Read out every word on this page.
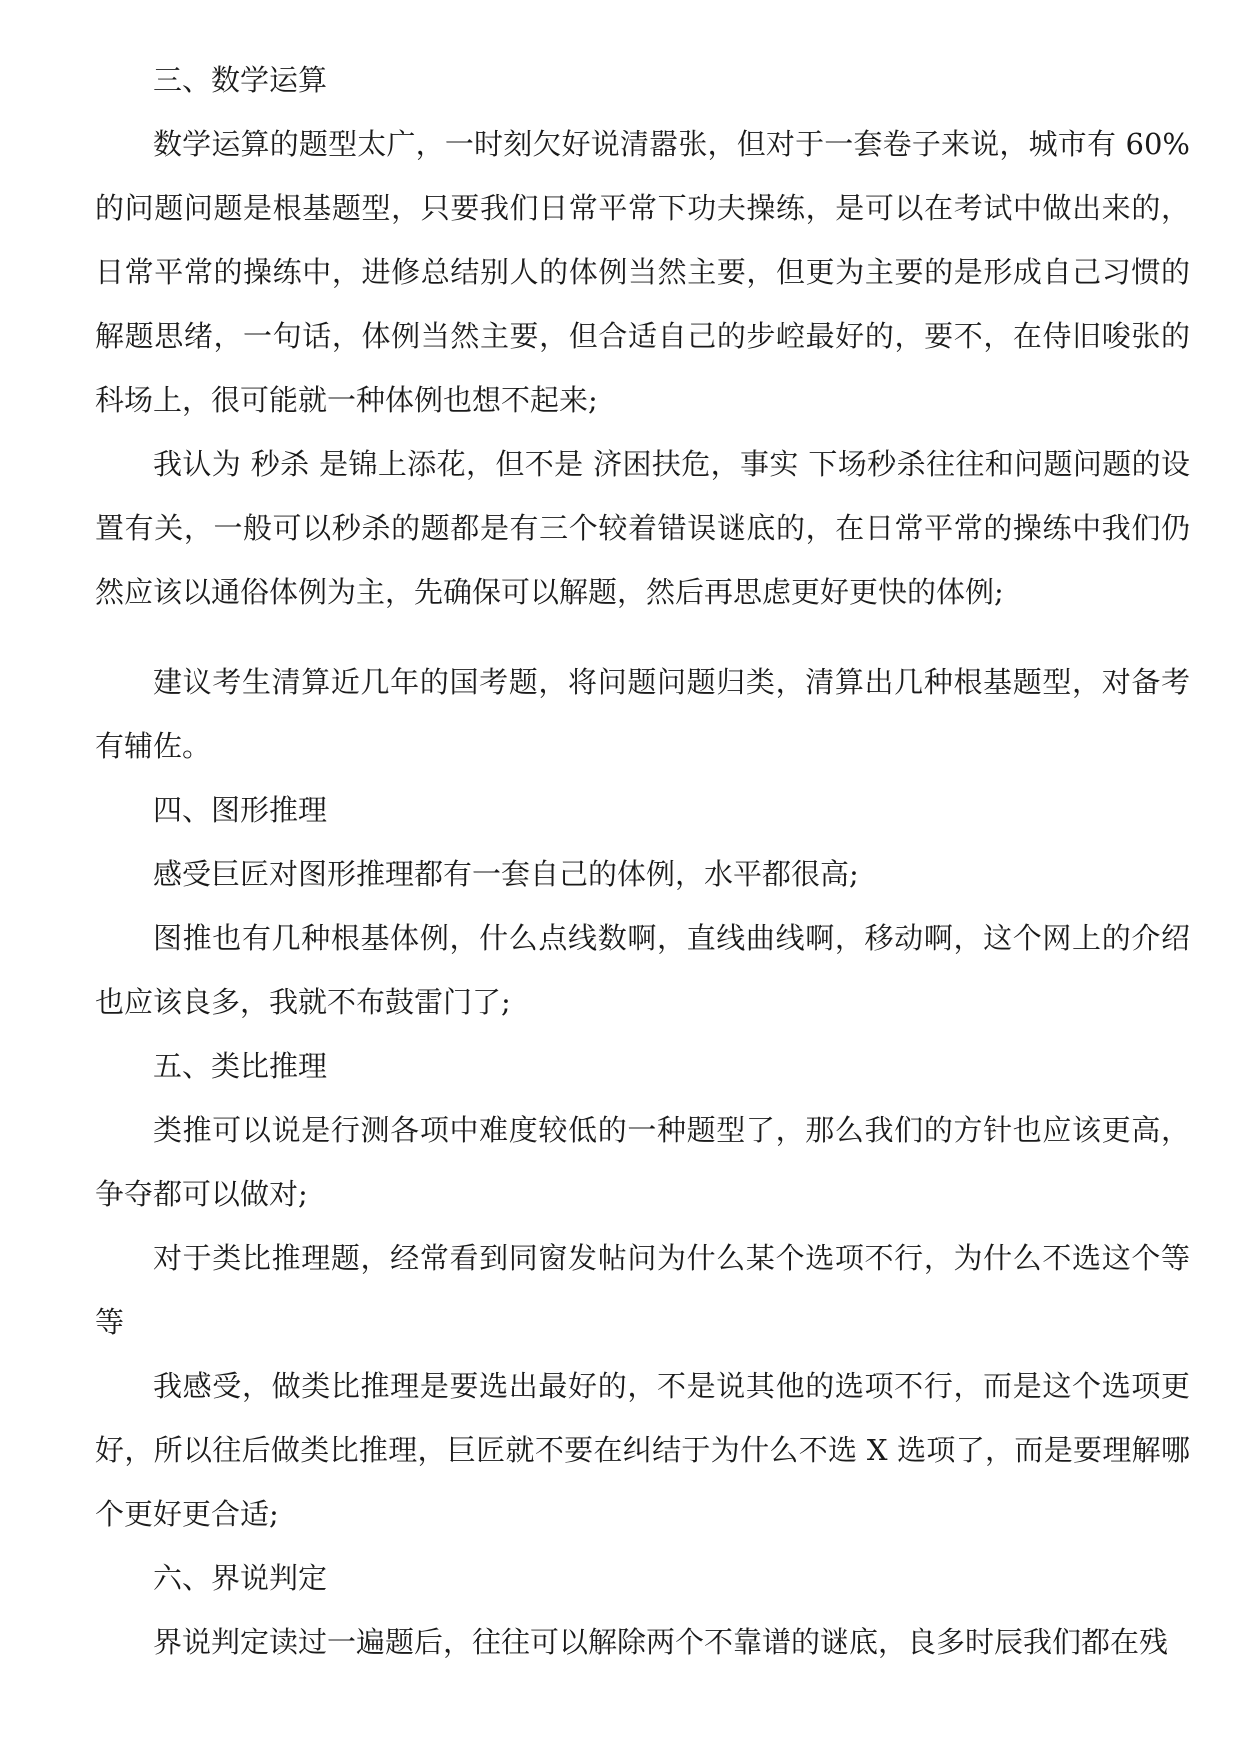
三、数学运算

数学运算的题型太广，一时刻欠好说清嚣张，但对于一套卷子来说，城市有 60%的问题问题是根基题型，只要我们日常平常下功夫操练，是可以在考试中做出来的，日常平常的操练中，进修总结别人的体例当然主要，但更为主要的是形成自己习惯的解题思绪，一句话，体例当然主要，但合适自己的步崆最好的，要不，在侍旧唆张的科场上，很可能就一种体例也想不起来;

我认为 秒杀 是锦上添花，但不是 济困扶危，事实 下场秒杀往往和问题问题的设置有关，一般可以秒杀的题都是有三个较着错误谜底的，在日常平常的操练中我们仍然应该以通俗体例为主，先确保可以解题，然后再思虑更好更快的体例;

建议考生清算近几年的国考题，将问题问题归类，清算出几种根基题型，对备考有辅佐。

四、图形推理

感受巨匠对图形推理都有一套自己的体例，水平都很高;

图推也有几种根基体例，什么点线数啊，直线曲线啊，移动啊，这个网上的介绍也应该良多，我就不布鼓雷门了;

五、类比推理

类推可以说是行测各项中难度较低的一种题型了，那么我们的方针也应该更高，争夺都可以做对;

对于类比推理题，经常看到同窗发帖问为什么某个选项不行，为什么不选这个等等

我感受，做类比推理是要选出最好的，不是说其他的选项不行，而是这个选项更好，所以往后做类比推理，巨匠就不要在纠结于为什么不选 X 选项了，而是要理解哪个更好更合适;

六、界说判定

界说判定读过一遍题后，往往可以解除两个不靠谱的谜底，良多时辰我们都在残
